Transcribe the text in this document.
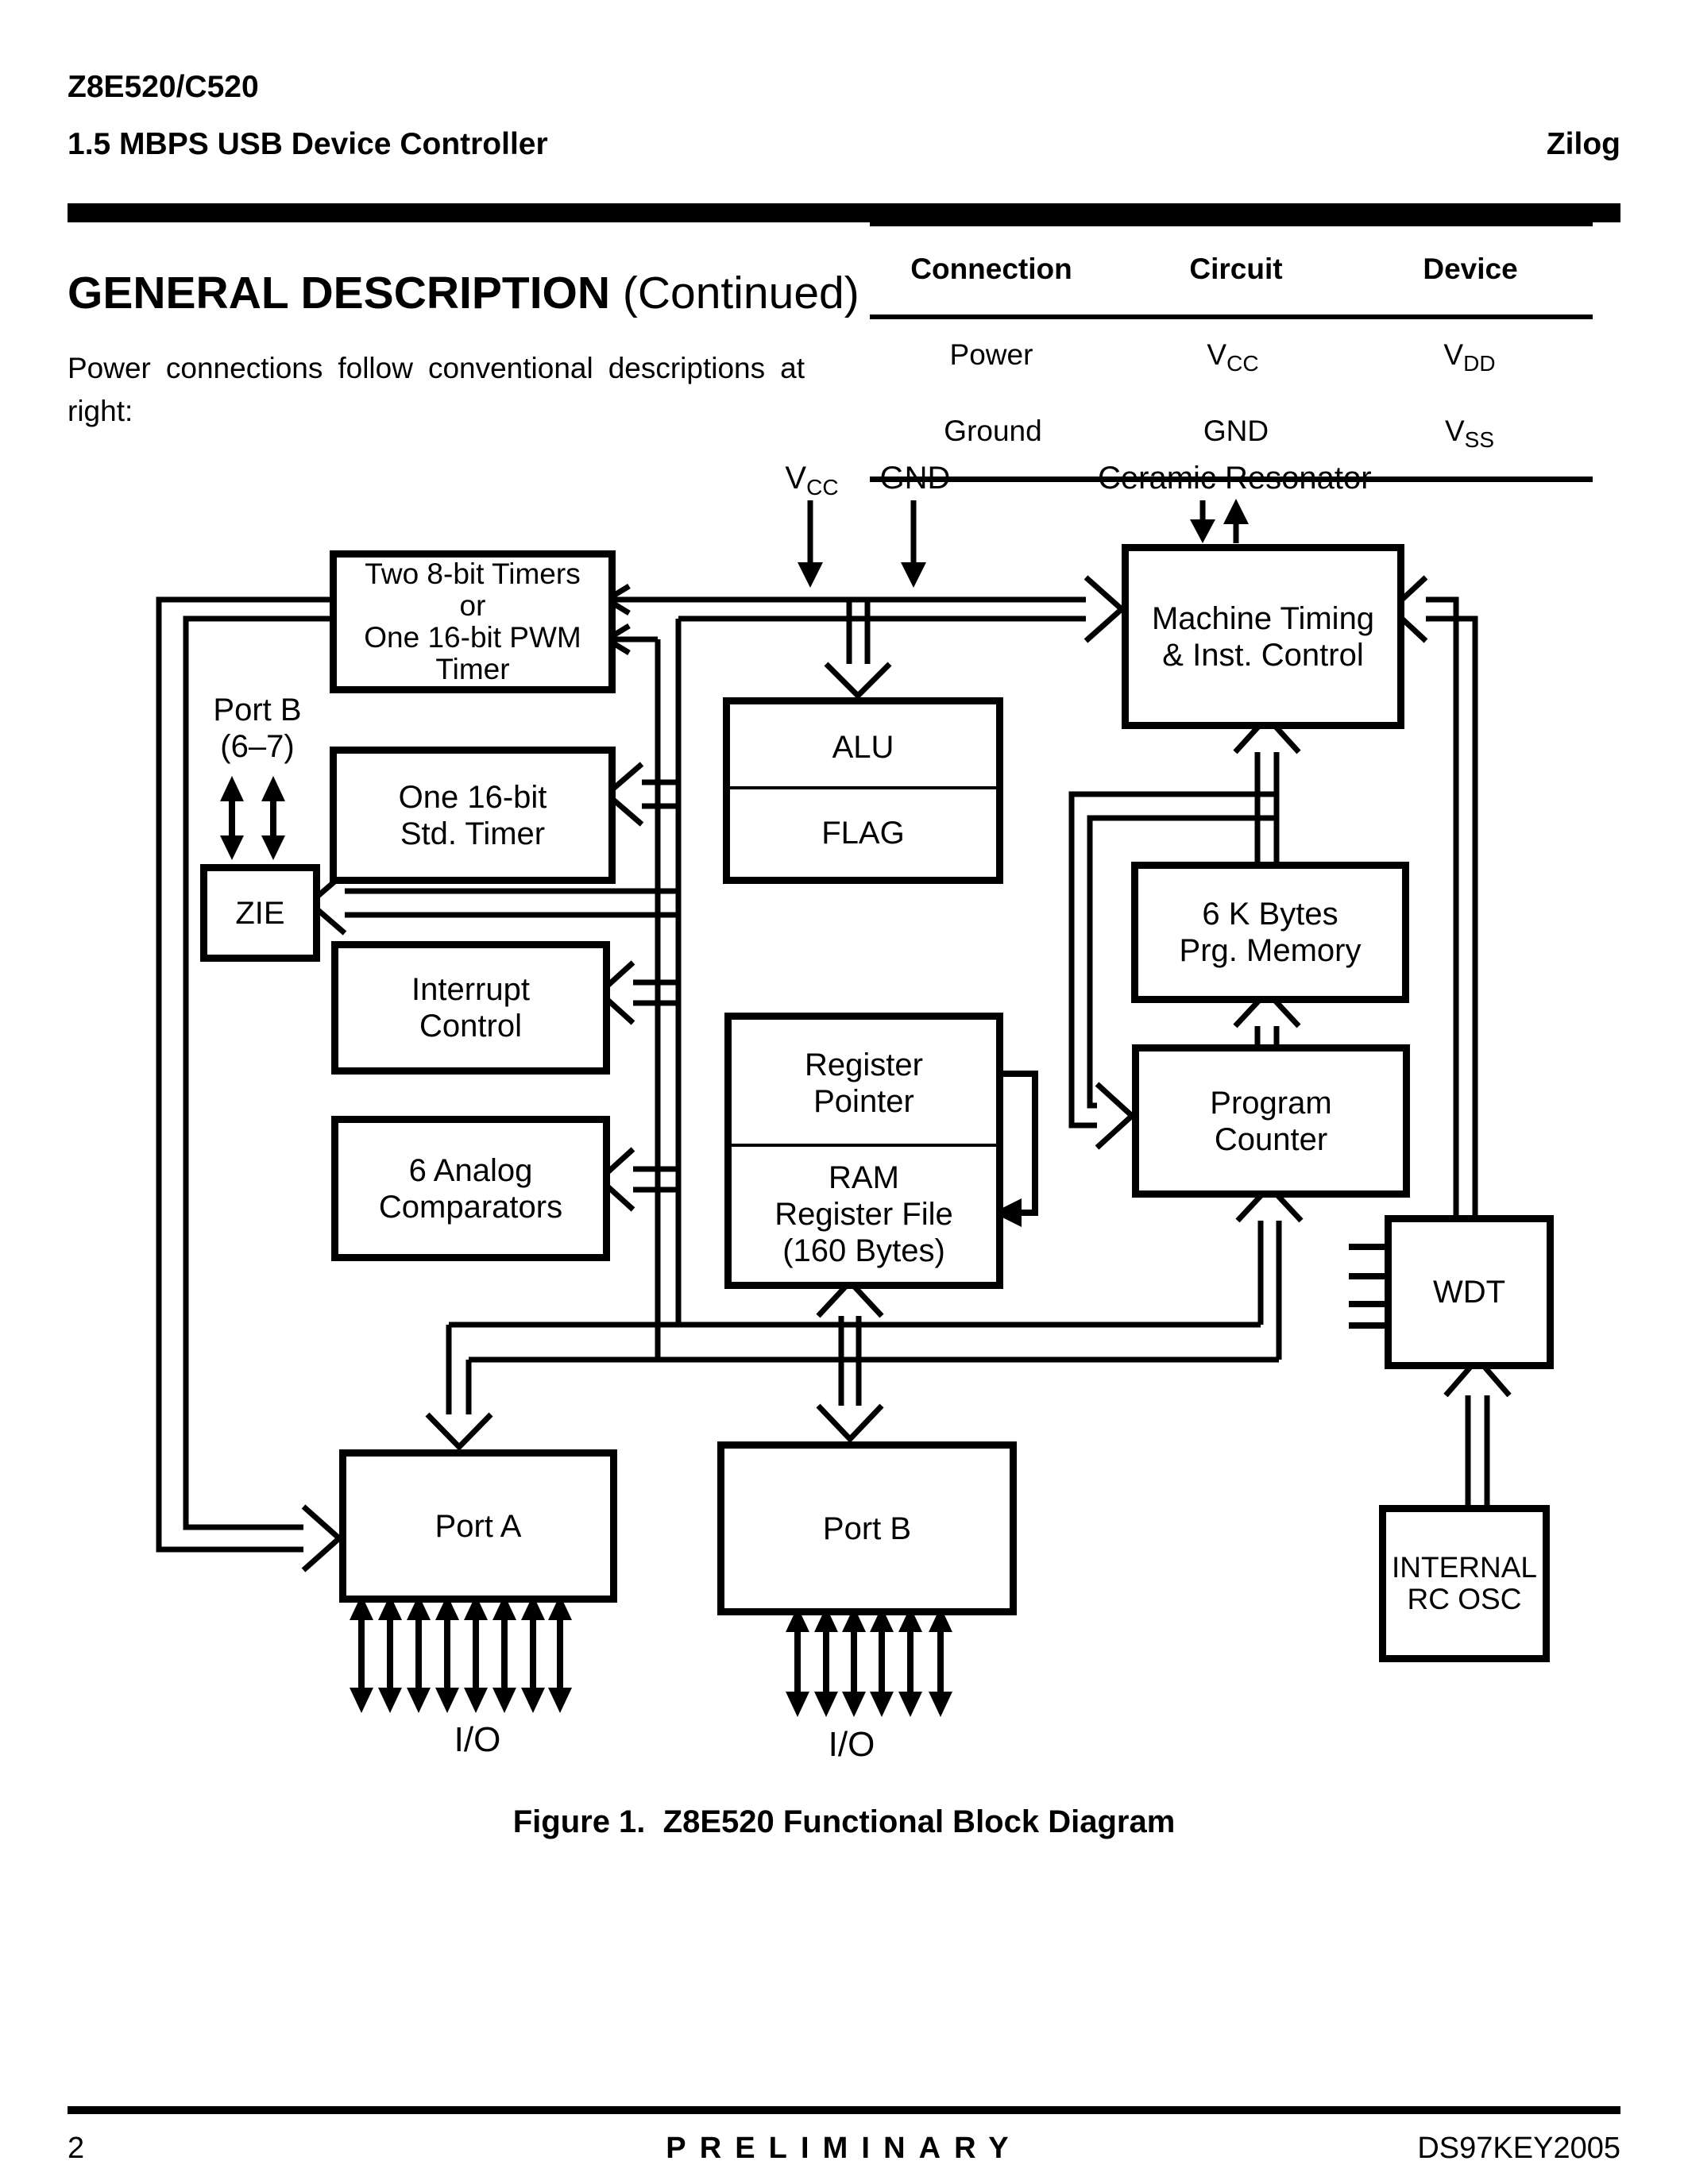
Z8E520/C520
1.5 MBPS USB Device Controller	Zilog
GENERAL DESCRIPTION (Continued)
Power connections follow conventional descriptions at
right:
Connection	Circuit	Device
Power	$V_{CC}$	$V_{DD}$
Ground	GND	$V_{SS}$
$V_{CC}$	GND	Ceramic Resonator
Port B
(6–7)
I/O	I/O
Two 8-bit Timers
or
One 16-bit PWM
Timer
One 16-bit
Std. Timer
ZIE
Interrupt
Control
6 Analog
Comparators
Port A
ALU
FLAG
Register
Pointer
RAM
Register File
(160 Bytes)
Port B
Machine Timing
& Inst. Control
6 K Bytes
Prg. Memory
Program
Counter
WDT
INTERNAL
RC OSC
Figure 1.  Z8E520 Functional Block Diagram
2	PRELIMINARY	DS97KEY2005
